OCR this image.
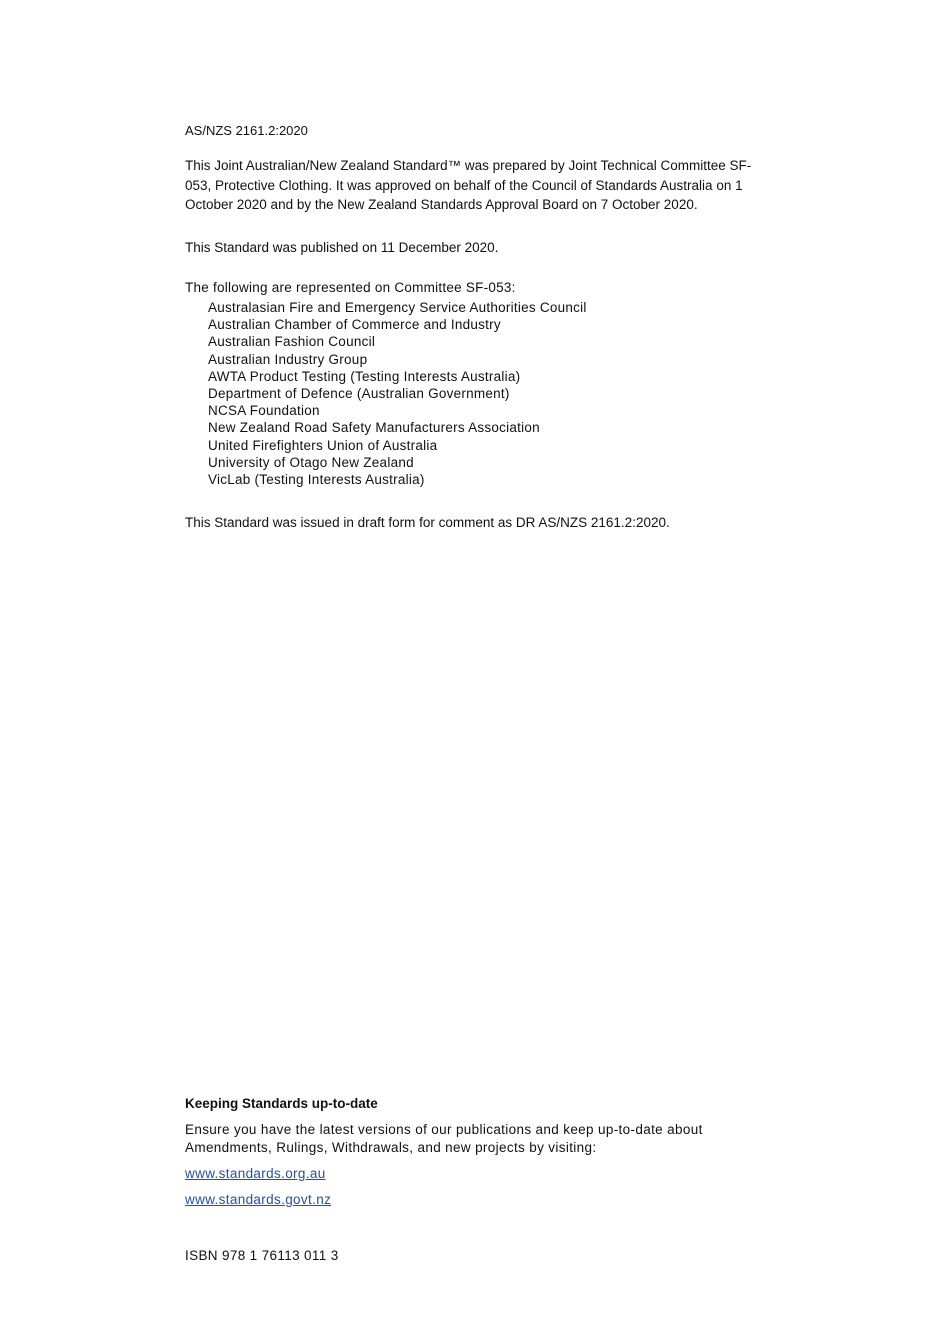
AS/NZS 2161.2:2020
This Joint Australian/New Zealand Standard™ was prepared by Joint Technical Committee SF-053, Protective Clothing. It was approved on behalf of the Council of Standards Australia on 1 October 2020 and by the New Zealand Standards Approval Board on 7 October 2020.
This Standard was published on 11 December 2020.
The following are represented on Committee SF-053:
Australasian Fire and Emergency Service Authorities Council
Australian Chamber of Commerce and Industry
Australian Fashion Council
Australian Industry Group
AWTA Product Testing (Testing Interests Australia)
Department of Defence (Australian Government)
NCSA Foundation
New Zealand Road Safety Manufacturers Association
United Firefighters Union of Australia
University of Otago New Zealand
VicLab (Testing Interests Australia)
This Standard was issued in draft form for comment as DR AS/NZS 2161.2:2020.
Keeping Standards up-to-date
Ensure you have the latest versions of our publications and keep up-to-date about Amendments, Rulings, Withdrawals, and new projects by visiting:
www.standards.org.au
www.standards.govt.nz
ISBN 978 1 76113 011 3
